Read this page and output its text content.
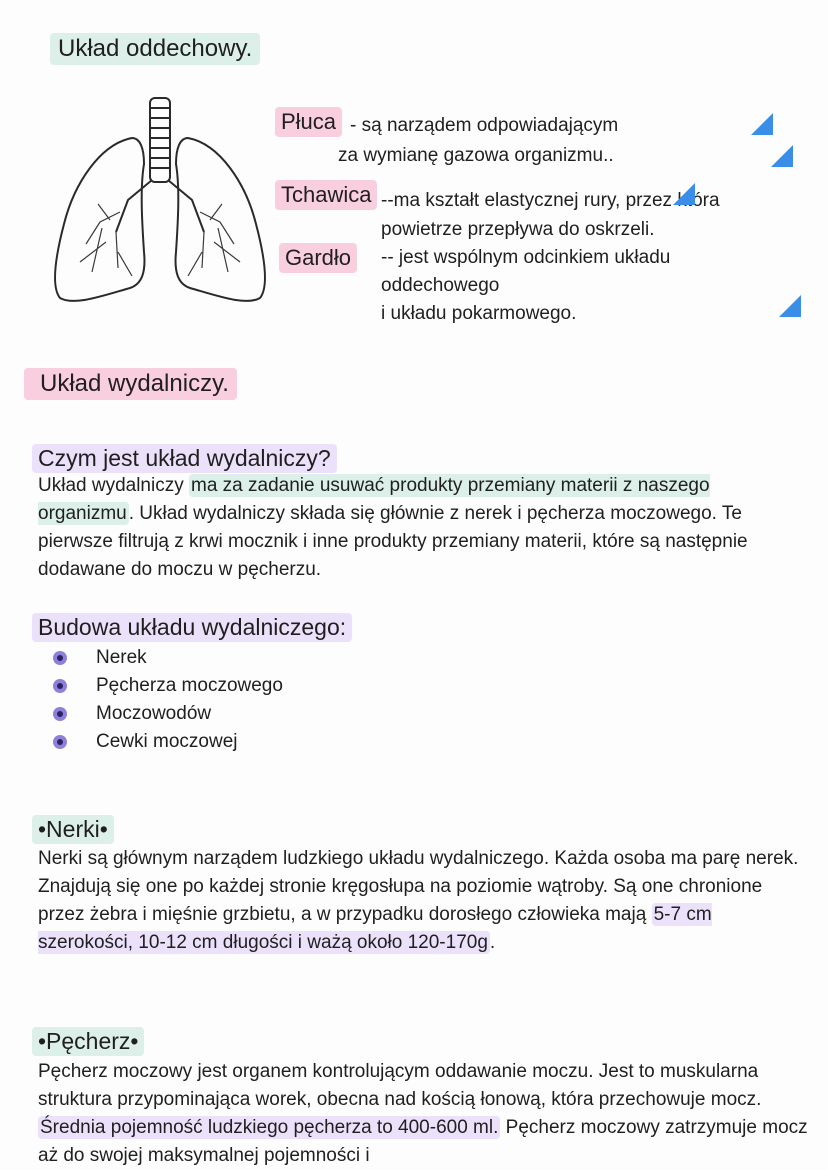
Układ oddechowy.
Płuca - są narządem odpowiadającym
za wymianę gazowa organizmu..
Tchawica --ma kształt elastycznej rury, przez która
powietrze przepływa do oskrzeli.
Gardło	-- jest wspólnym odcinkiem układu
oddechowego
i układu pokarmowego.
Układ wydalniczy.
Czym jest układ wydalniczy?

Układ wydalniczy ma za zadanie usuwać produkty przemiany materii z naszego organizmu . Układ wydalniczy składa się głównie z nerek i pęcherza moczowego. Te pierwsze filtrują z krwi mocznik i inne produkty przemiany materii, które są następnie dodawane do moczu w pęcherzu.

Budowa układu wydalniczego:
Nerek
Pęcherza moczowego
Moczowodów
Cewki moczowej
•Nerki•

Nerki są głównym narządem ludzkiego układu wydalniczego. Każda osoba ma parę nerek. Znajdują się one po każdej stronie kręgosłupa na poziomie wątroby. Są one chronione przez żebra i mięśnie grzbietu, a w przypadku dorosłego człowieka mają 5-7 cm szerokości, 10-12 cm długości i ważą około 120-170g .

•Pęcherz•

Pęcherz moczowy jest organem kontrolującym oddawanie moczu. Jest to muskularna struktura przypominająca worek, obecna nad kością łonową, która przechowuje mocz. Średnia pojemność ludzkiego pęcherza to 400-600 ml. Pęcherz moczowy zatrzymuje mocz aż do swojej maksymalnej pojemności i
